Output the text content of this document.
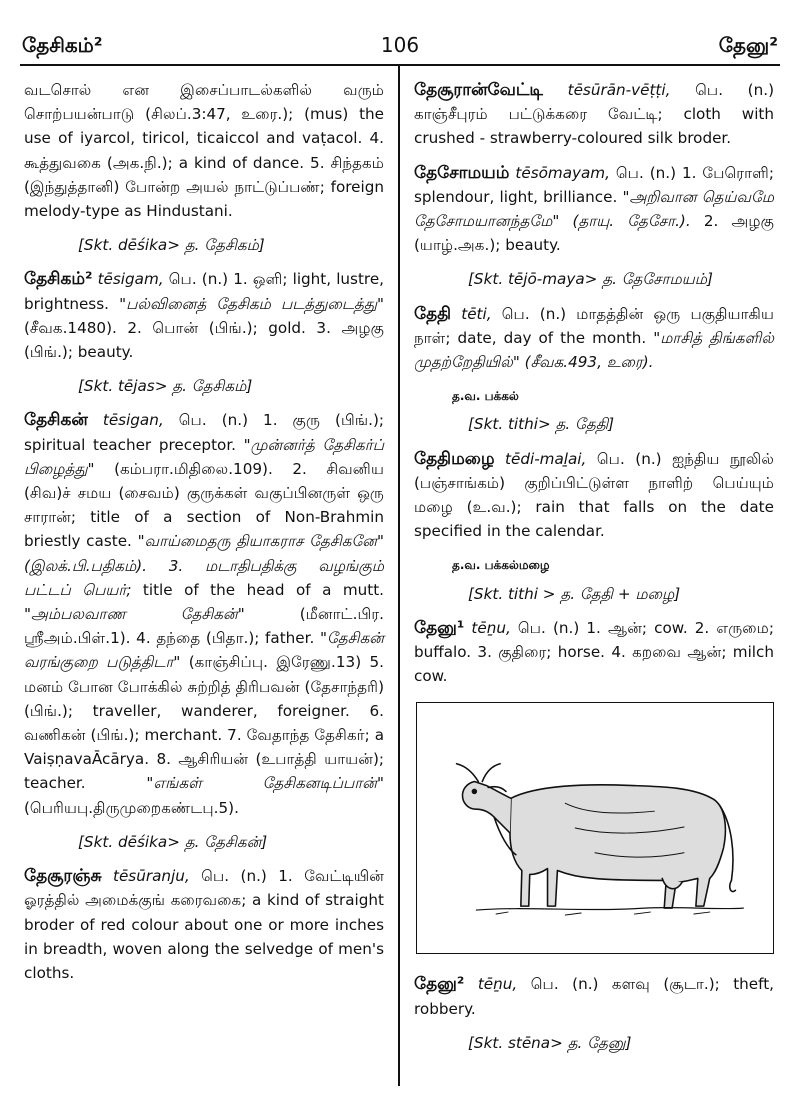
தேசிகம்²	106	தேனு²

வடசொல் என இசைப்பாடல்களில் வரும் சொற்பயன்பாடு (சிலப்.3:47, உரை.); (mus) the use of iyarcol, tiricol, ticaiccol and vaṭacol. 4. கூத்துவகை (அக.நி.); a kind of dance. 5. சிந்தகம் (இந்துத்தானி) போன்ற அயல் நாட்டுப்பண்; foreign melody-type as Hindustani.

[Skt. dēśika> த. தேசிகம்]

தேசிகம்² tēsigam, பெ. (n.) 1. ஒளி; light, lustre, brightness. "பல்வினைத் தேசிகம் படத்துடைத்து" (சீவக.1480). 2. பொன் (பிங்.); gold. 3. அழகு (பிங்.); beauty.

[Skt. tējas> த. தேசிகம்]

தேசிகன் tēsigan, பெ. (n.) 1. குரு (பிங்.); spiritual teacher preceptor. "முன்னர்த் தேசிகர்ப் பிழைத்து" (கம்பரா.மிதிலை.109). 2. சிவனிய (சிவ)ச் சமய (சைவம்) குருக்கள் வகுப்பினருள் ஒரு சாரான்; title of a section of Non-Brahmin briestly caste. "வாய்மைதரு தியாகராச தேசிகனே" (இலக்.பி.பதிகம்). 3. மடாதிபதிக்கு வழங்கும் பட்டப் பெயர்; title of the head of a mutt. "அம்பலவாண தேசிகன்"	(மீனாட்.பிர. ஸ்ரீஅம்.பிள்.1). 4. தந்தை (பிதா.); father. "தேசிகன் வரங்குறை படுத்திடா" (காஞ்சிப்பு. இரேணு.13) 5. மனம் போன போக்கில் சுற்றித் திரிபவன் (தேசாந்தரி) (பிங்.); traveller, wanderer, foreigner. 6. வணிகன் (பிங்.); merchant. 7. வேதாந்த தேசிகர்; a VaiṣṇavaĀcārya. 8. ஆசிரியன் (உபாத்தி யாயன்); teacher.	"எங்கள் தேசிகனடிப்பான்" (பெரியபு.திருமுறைகண்டபு.5).

[Skt. dēśika> த. தேசிகன்]

தேசூரஞ்சு tēsūranju, பெ. (n.) 1. வேட்டியின் ஓரத்தில் அமைக்குங் கரைவகை; a kind of straight broder of red colour about one or more inches in breadth, woven along the selvedge of men's cloths.

தேசூரான்வேட்டி tēsūrān-vēṭṭi, பெ. (n.) காஞ்சீபுரம் பட்டுக்கரை வேட்டி; cloth with crushed - strawberry-coloured silk broder.

தேசோமயம் tēsōmayam, பெ. (n.) 1. பேரொளி; splendour, light, brilliance. "அறிவான தெய்வமே தேசோமயானந்தமே" (தாயு. தேசோ.). 2. அழகு (யாழ்.அக.); beauty.

[Skt. tējō-maya> த. தேசோமயம்]

தேதி tēti, பெ. (n.) மாதத்தின் ஒரு பகுதியாகிய நாள்; date, day of the month. "மாசித் திங்களில் முதற்றேதியில்" (சீவக.493, உரை).

த.வ. பக்கல்

[Skt. tithi> த. தேதி]

தேதிமழை tēdi-maḻai, பெ. (n.) ஐந்திய நூலில் (பஞ்சாங்கம்) குறிப்பிட்டுள்ள நாளிற் பெய்யும் மழை (உ.வ.); rain that falls on the date specified in the calendar.

த.வ. பக்கல்மழை

[Skt. tithi > த. தேதி + மழை]

தேனு¹ tēṉu, பெ. (n.) 1. ஆன்; cow. 2. எருமை; buffalo. 3. குதிரை; horse. 4. கறவை ஆன்; milch cow.

தேனு² tēṉu, பெ. (n.) களவு (சூடா.); theft, robbery.

[Skt. stēna> த. தேனு]
